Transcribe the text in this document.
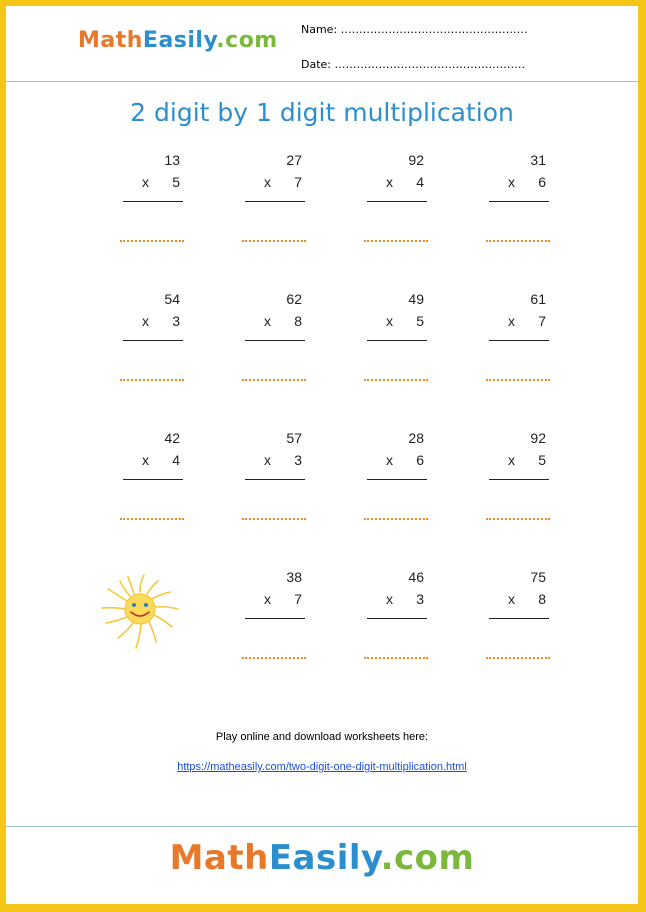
MathEasily.com Name: ……………………………………………
Date: …………………………………………….
2 digit by 1 digit multiplication
13
x 5
27
x 7
92
x 4
31
x 6
54
x 3
62
x 8
49
x 5
61
x 7
42
x 4
57
x 3
28
x 6
92
x 5
38
x 7
46
x 3
75
x 8
Play online and download worksheets here:
https://matheasily.com/two-digit-one-digit-multiplication.html
MathEasily.com
